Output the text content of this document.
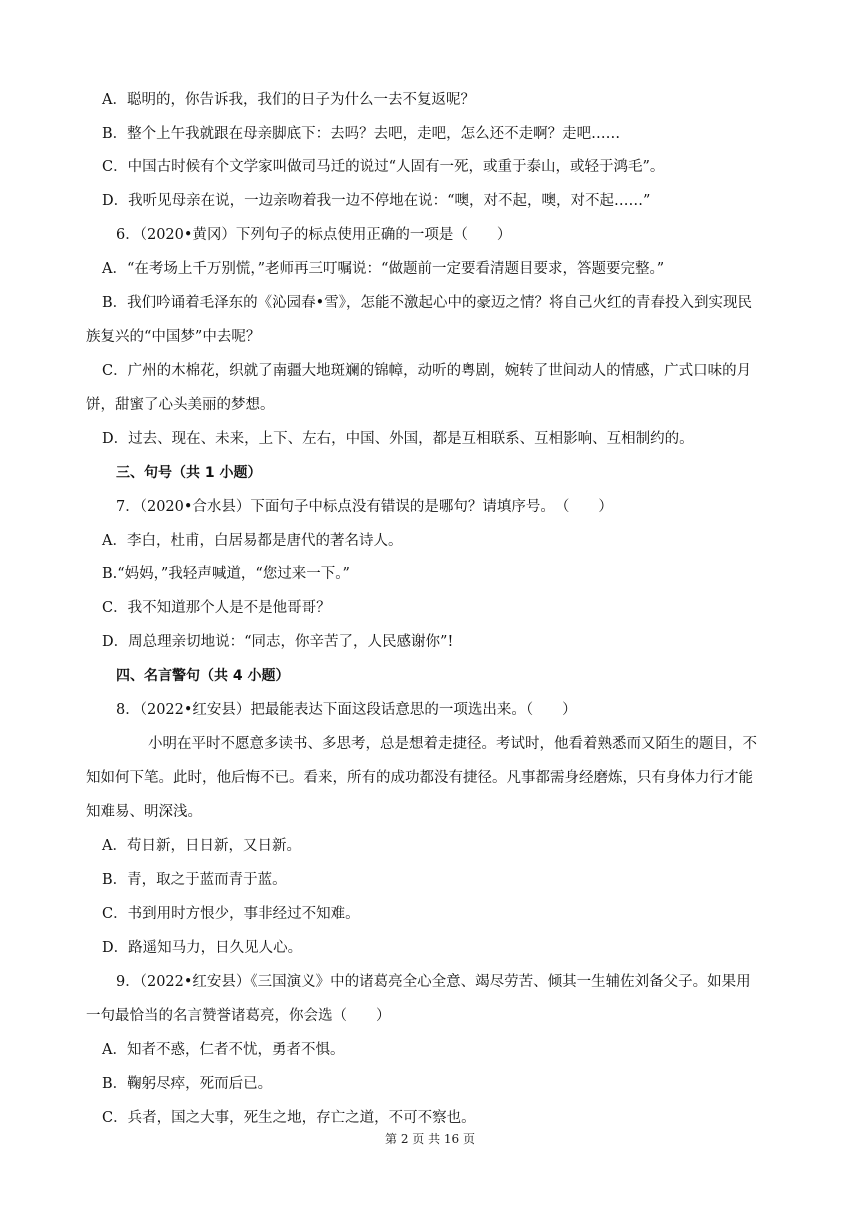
A．聪明的，你告诉我，我们的日子为什么一去不复返呢？
B．整个上午我就跟在母亲脚底下：去吗？去吧，走吧，怎么还不走啊？走吧……
C．中国古时候有个文学家叫做司马迁的说过“人固有一死，或重于泰山，或轻于鸿毛”。
D．我听见母亲在说，一边亲吻着我一边不停地在说：“噢，对不起，噢，对不起……”
6．（2020•黄冈）下列句子的标点使用正确的一项是（　　）
A．“在考场上千万别慌，”老师再三叮嘱说：“做题前一定要看清题目要求，答题要完整。”
B．我们吟诵着毛泽东的《沁园春•雪》，怎能不激起心中的豪迈之情？将自己火红的青春投入到实现民
族复兴的“中国梦”中去呢？
C．广州的木棉花，织就了南疆大地斑斓的锦幛，动听的粤剧，婉转了世间动人的情感，广式口味的月
饼，甜蜜了心头美丽的梦想。
D．过去、现在、未来，上下、左右，中国、外国，都是互相联系、互相影响、互相制约的。
三、句号（共 1 小题）
7．（2020•合水县）下面句子中标点没有错误的是哪句？请填序号。　（　　）
A．李白，杜甫，白居易都是唐代的著名诗人。
B.“妈妈，”我轻声喊道，“您过来一下。”
C．我不知道那个人是不是他哥哥？
D．周总理亲切地说：“同志，你辛苦了，人民感谢你”!
四、名言警句（共 4 小题）
8．（2022•红安县）把最能表达下面这段话意思的一项选出来。（　　）
小明在平时不愿意多读书、多思考，总是想着走捷径。考试时，他看着熟悉而又陌生的题目，不
知如何下笔。此时，他后悔不已。看来，所有的成功都没有捷径。凡事都需身经磨炼，只有身体力行才能
知难易、明深浅。
A．苟日新，日日新，又日新。
B．青，取之于蓝而青于蓝。
C．书到用时方恨少，事非经过不知难。
D．路遥知马力，日久见人心。
9．（2022•红安县）《三国演义》中的诸葛亮全心全意、竭尽劳苦、倾其一生辅佐刘备父子。如果用
一句最恰当的名言赞誉诸葛亮，你会选（　　）
A．知者不惑，仁者不忧，勇者不惧。
B．鞠躬尽瘁，死而后已。
C．兵者，国之大事，死生之地，存亡之道，不可不察也。
第 2 页 共 16 页
